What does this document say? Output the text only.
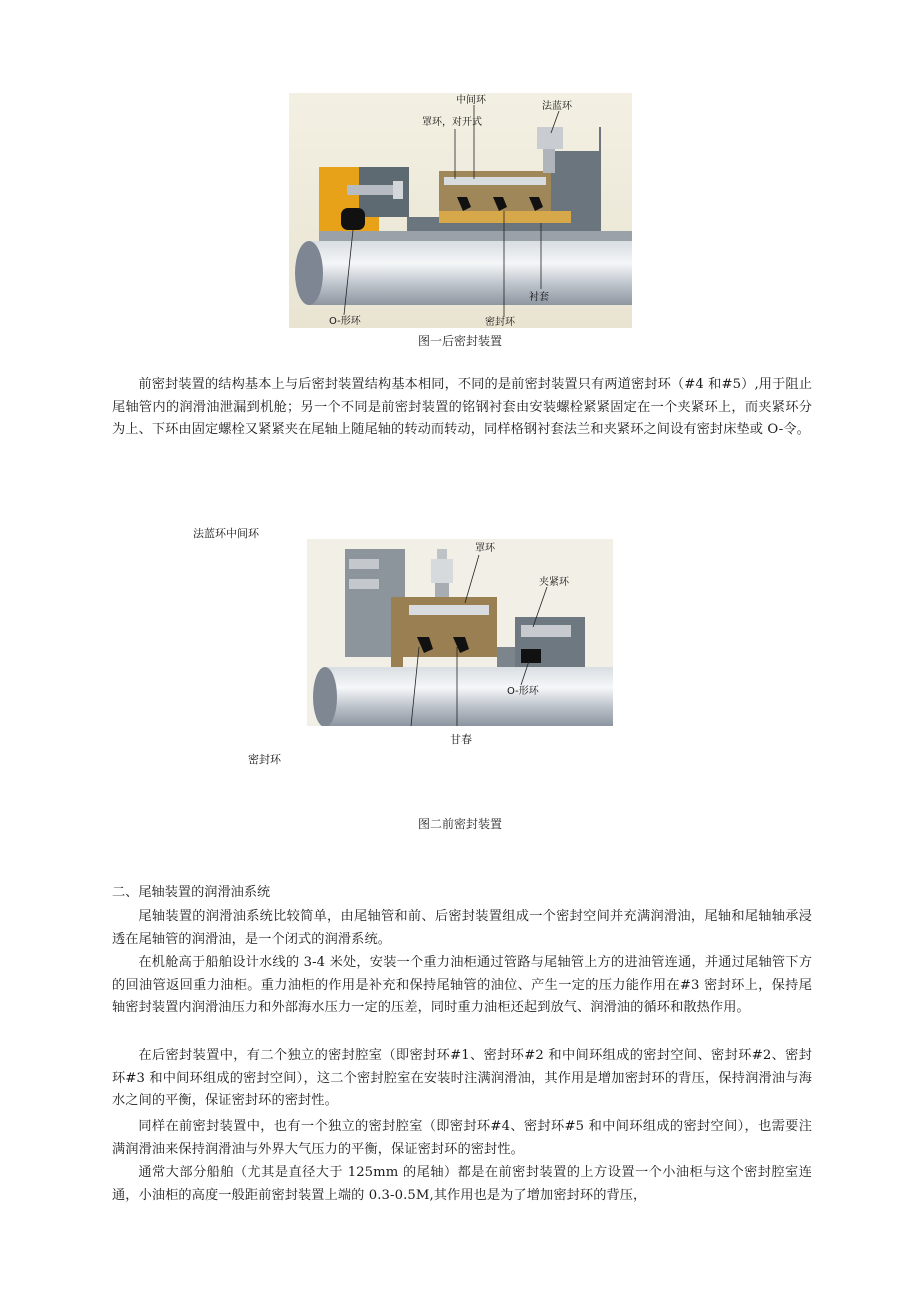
中间环
罩环，对开式
法蓝环
O-形环	密封环
衬套
图一后密封装置

前密封装置的结构基本上与后密封装置结构基本相同，不同的是前密封装置只有两道密封环（#4 和#5）,用于阻止尾轴管内的润滑油泄漏到机舱；另一个不同是前密封装置的铭钢衬套由安装螺栓紧紧固定在一个夹紧环上，而夹紧环分为上、下环由固定螺栓又紧紧夹在尾轴上随尾轴的转动而转动，同样格钢衬套法兰和夹紧环之间设有密封床垫或 O-令。

法蓝环中间环
罩环
夹紧环
O-形环
甘春
密封环
图二前密封装置

二、尾轴装置的润滑油系统

尾轴装置的润滑油系统比较简单，由尾轴管和前、后密封装置组成一个密封空间并充满润滑油，尾轴和尾轴轴承浸透在尾轴管的润滑油，是一个闭式的润滑系统。

在机舱高于船舶设计水线的 3-4 米处，安装一个重力油柜通过管路与尾轴管上方的进油管连通，并通过尾轴管下方的回油管返回重力油柜。重力油柜的作用是补充和保持尾轴管的油位、产生一定的压力能作用在#3 密封环上，保持尾轴密封装置内润滑油压力和外部海水压力一定的压差，同时重力油柜还起到放气、润滑油的循环和散热作用。

在后密封装置中，有二个独立的密封腔室（即密封环#1、密封环#2 和中间环组成的密封空间、密封环#2、密封环#3 和中间环组成的密封空间），这二个密封腔室在安装时注满润滑油，其作用是增加密封环的背压，保持润滑油与海水之间的平衡，保证密封环的密封性。

同样在前密封装置中，也有一个独立的密封腔室（即密封环#4、密封环#5 和中间环组成的密封空间），也需要注满润滑油来保持润滑油与外界大气压力的平衡，保证密封环的密封性。

通常大部分船舶（尤其是直径大于 125mm 的尾轴）都是在前密封装置的上方设置一个小油柜与这个密封腔室连通，小油柜的高度一般距前密封装置上端的 0.3-0.5M,其作用也是为了增加密封环的背压，
